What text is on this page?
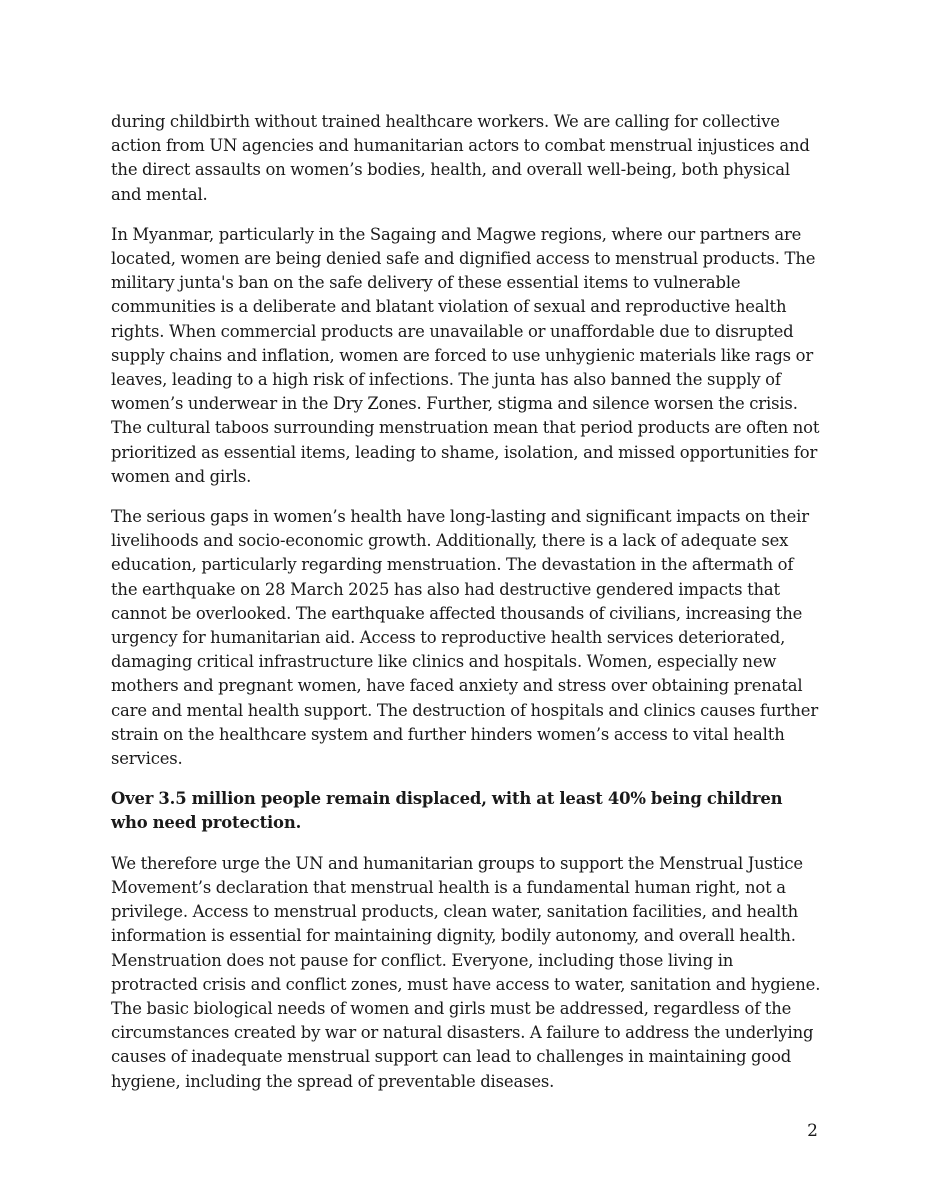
during childbirth without trained healthcare workers. We are calling for collective action from UN agencies and humanitarian actors to combat menstrual injustices and the direct assaults on women’s bodies, health, and overall well-being, both physical and mental.

In Myanmar, particularly in the Sagaing and Magwe regions, where our partners are located, women are being denied safe and dignified access to menstrual products. The military junta's ban on the safe delivery of these essential items to vulnerable communities is a deliberate and blatant violation of sexual and reproductive health rights. When commercial products are unavailable or unaffordable due to disrupted supply chains and inflation, women are forced to use unhygienic materials like rags or leaves, leading to a high risk of infections. The junta has also banned the supply of women’s underwear in the Dry Zones. Further, stigma and silence worsen the crisis. The cultural taboos surrounding menstruation mean that period products are often not prioritized as essential items, leading to shame, isolation, and missed opportunities for women and girls.

The serious gaps in women’s health have long-lasting and significant impacts on their livelihoods and socio-economic growth. Additionally, there is a lack of adequate sex education, particularly regarding menstruation. The devastation in the aftermath of the earthquake on 28 March 2025 has also had destructive gendered impacts that cannot be overlooked. The earthquake affected thousands of civilians, increasing the urgency for humanitarian aid. Access to reproductive health services deteriorated, damaging critical infrastructure like clinics and hospitals. Women, especially new mothers and pregnant women, have faced anxiety and stress over obtaining prenatal care and mental health support. The destruction of hospitals and clinics causes further strain on the healthcare system and further hinders women’s access to vital health services.

Over 3.5 million people remain displaced, with at least 40% being children who need protection.

We therefore urge the UN and humanitarian groups to support the Menstrual Justice Movement’s declaration that menstrual health is a fundamental human right, not a privilege. Access to menstrual products, clean water, sanitation facilities, and health information is essential for maintaining dignity, bodily autonomy, and overall health. Menstruation does not pause for conflict. Everyone, including those living in protracted crisis and conflict zones, must have access to water, sanitation and hygiene. The basic biological needs of women and girls must be addressed, regardless of the circumstances created by war or natural disasters. A failure to address the underlying causes of inadequate menstrual support can lead to challenges in maintaining good hygiene, including the spread of preventable diseases.

2
